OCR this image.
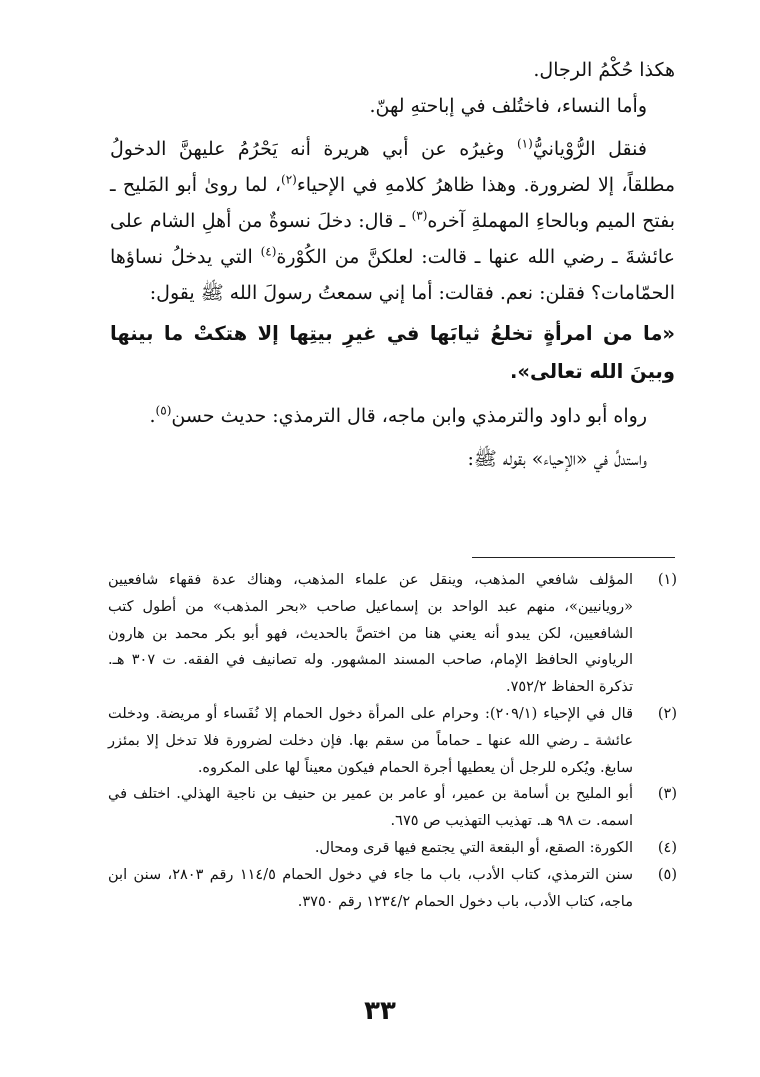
هكذا حُكْمُ الرجال.

وأما النساء، فاختُلف في إباحتهِ لهنّ.

فنقل الرُّوْيانيُّ$^{(١)}$ وغيرُه عن أبي هريرة أنه يَحْرُمُ عليهنَّ الدخولُ مطلقاً، إلا لضرورة. وهذا ظاهرُ كلامهِ في الإحياء$^{(٢)}$، لما روىٰ أبو المَليح ـ بفتح الميم وبالحاءِ المهملةِ آخره$^{(٣)}$ ـ قال: دخلَ نسوةٌ من أهلِ الشام على عائشةَ ـ رضي الله عنها ـ قالت: لعلكنَّ من الكُوْرة$^{(٤)}$ التي يدخلُ نساؤها الحمّامات؟ فقلن: نعم. فقالت: أما إني سمعتُ رسولَ الله ﷺ يقول:

«ما من امرأةٍ تخلعُ ثيابَها في غيرِ بيتِها إلا هتكتْ ما بينها وبينَ الله تعالى».

رواه أبو داود والترمذي وابن ماجه، قال الترمذي: حديث حسن$^{(٥)}$.

واستدلَّ في «الإحياء» بقوله ﷺ:

(١)
المؤلف شافعي المذهب، وينقل عن علماء المذهب، وهناك عدة فقهاء شافعيين «رويانيين»، منهم عبد الواحد بن إسماعيل صاحب «بحر المذهب» من أطول كتب الشافعيين، لكن يبدو أنه يعني هنا من اختصَّ بالحديث، فهو أبو بكر محمد بن هارون الرياوني الحافظ الإمام، صاحب المسند المشهور. وله تصانيف في الفقه. ت ٣٠٧ هـ. تذكرة الحفاظ ٧٥٢/٢.

(٢)
قال في الإحياء (٢٠٩/١): وحرام على المرأة دخول الحمام إلا نُفَساء أو مريضة. ودخلت عائشة ـ رضي الله عنها ـ حماماً من سقم بها. فإن دخلت لضرورة فلا تدخل إلا بمئزر سابغ. ويُكره للرجل أن يعطيها أجرة الحمام فيكون معيناً لها على المكروه.

(٣)
أبو المليح بن أسامة بن عمير، أو عامر بن عمير بن حنيف بن ناجية الهذلي. اختلف في اسمه. ت ٩٨ هـ. تهذيب التهذيب ص ٦٧٥.

(٤)
الكورة: الصقع، أو البقعة التي يجتمع فيها قرى ومحال.

(٥)
سنن الترمذي، كتاب الأدب، باب ما جاء في دخول الحمام ١١٤/٥ رقم ٢٨٠٣، سنن ابن ماجه، كتاب الأدب، باب دخول الحمام ١٢٣٤/٢ رقم ٣٧٥٠.

٣٣
